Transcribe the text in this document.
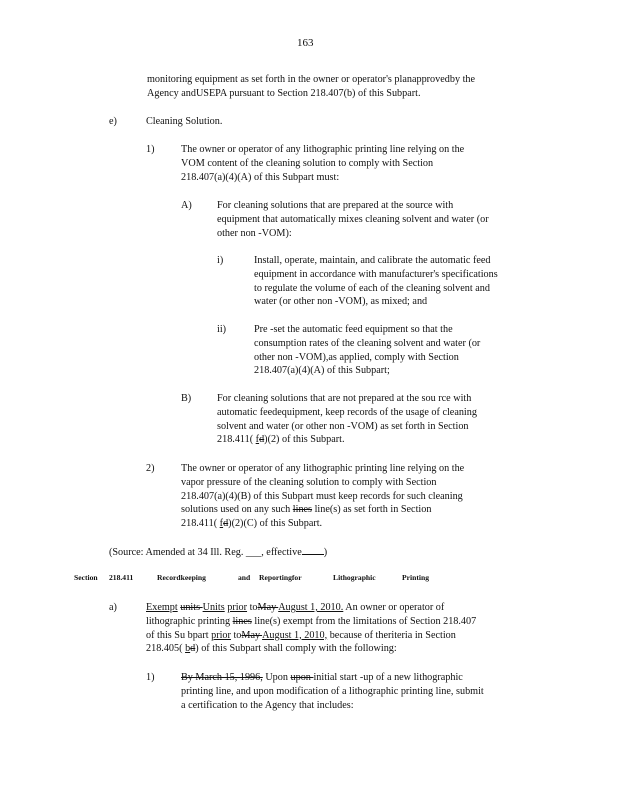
163
monitoring equipment as set forth in the owner or operator's planapprovedby the
Agency andUSEPA pursuant to Section 218.407(b) of this Subpart.
e)	Cleaning Solution.
1)	The owner or operator of any lithographic printing line relying on the
VOM content of the cleaning solution to comply with Section
218.407(a)(4)(A) of this Subpart must:
A) For cleaning solutions that are prepared at the source with
equipment that automatically mixes cleaning solvent and water (or
other non -VOM):
i)	Install, operate, maintain, and calibrate the automatic feed
equipment in accordance with manufacturer's specifications
to regulate the volume of each of the cleaning solvent and
water (or other non -VOM), as mixed; and
ii)	Pre -set the automatic feed equipment so that the
consumption rates of the cleaning solvent and water (or
other non -VOM),as applied, comply with Section
218.407(a)(4)(A) of this Subpart;
B)	For cleaning solutions that are not prepared at the sou rce with
automatic feedequipment, keep records of the usage of cleaning
solvent and water (or other non -VOM) as set forth in Section
218.411( fd)(2) of this Subpart.
2)	The owner or operator of any lithographic printing line relying on the
vapor pressure of the cleaning solution to comply with Section
218.407(a)(4)(B) of this Subpart must keep records for such cleaning
solutions used on any such lines line(s) as set forth in Section
218.411( fd)(2)(C) of this Subpart.
(Source: Amended at 34 Ill. Reg. ___, effective )
Section 218.411	Recordkeeping	and Reportingfor	Lithographic	Printing
a)	Exempt units Units prior toMay August 1, 2010. An owner or operator of
lithographic printing lines line(s) exempt from the limitations of Section 218.407
of this Su bpart prior toMay August 1, 2010, because of theriteria in Section
218.405( bd) of this Subpart shall comply with the following:
1)	By March 15, 1996, Upon upon initial start -up of a new lithographic
printing line, and upon modification of a lithographic printing line, submit
a certification to the Agency that includes:
